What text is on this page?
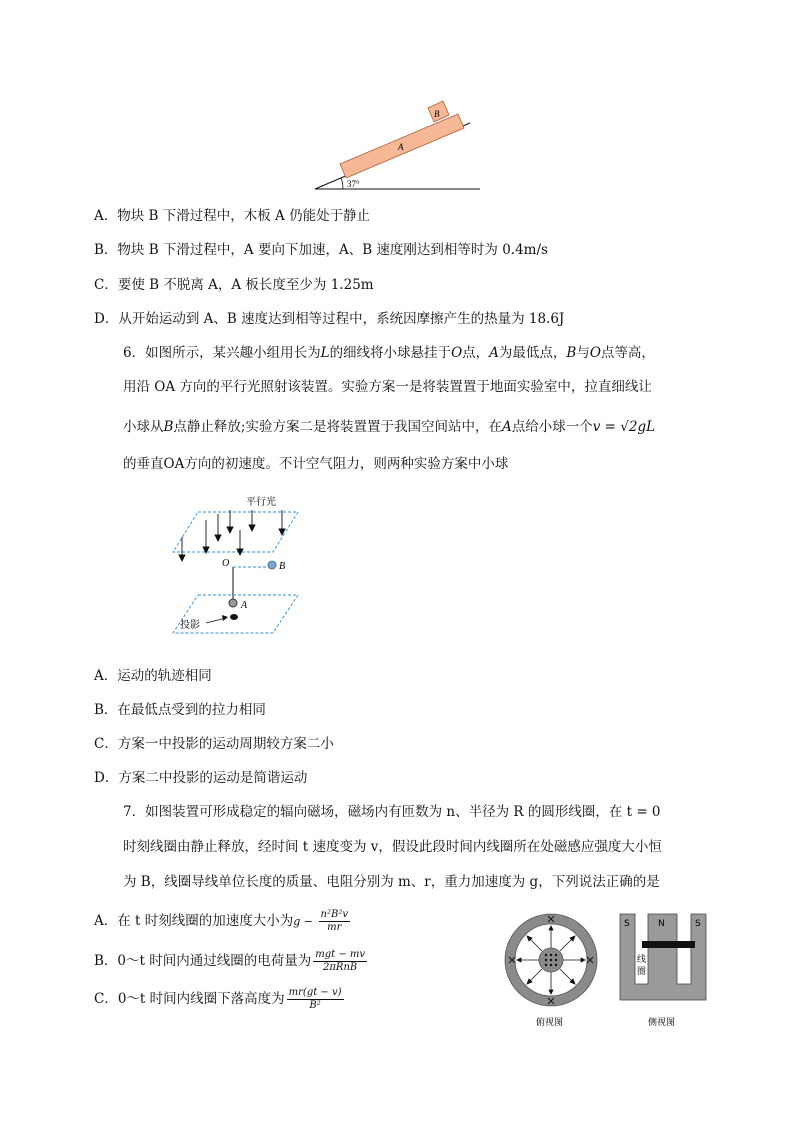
B
A
37°
A．物块 B 下滑过程中，木板 A 仍能处于静止
B．物块 B 下滑过程中，A 要向下加速，A、B 速度刚达到相等时为 0.4m/s
C．要使 B 不脱离 A，A 板长度至少为 1.25m
D．从开始运动到 A、B 速度达到相等过程中，系统因摩擦产生的热量为 18.6J
6．如图所示，某兴趣小组用长为L的细线将小球悬挂于O点，A为最低点，B与O点等高，
用沿 OA 方向的平行光照射该装置。实验方案一是将装置置于地面实验室中，拉直细线让
小球从B点静止释放;实验方案二是将装置置于我国空间站中，在A点给小球一个v = √2gL
的垂直OA方向的初速度。不计空气阻力，则两种实验方案中小球
平行光
O	B
A
投影
A．运动的轨迹相同
B．在最低点受到的拉力相同
C．方案一中投影的运动周期较方案二小
D．方案二中投影的运动是简谐运动
7．如图装置可形成稳定的辐向磁场，磁场内有匝数为 n、半径为 R 的圆形线圈，在 t = 0
时刻线圈由静止释放，经时间 t 速度变为 v，假设此段时间内线圈所在处磁感应强度大小恒
为 B，线圈导线单位长度的质量、电阻分别为 m、r，重力加速度为 g，下列说法正确的是
A．在 t 时刻线圈的加速度大小为$g - \frac{\text{n²B²v}}{mr}$
B．0～t 时间内通过线圈的电荷量为 $\frac{\text{mgt − mv}}{\text{2πRnB}}$
C．0～t 时间内线圈下落高度为 $\frac{mr(gt - v)}{\text{B²}}$
俯视图
S	N	S
线
圈
侧视图
